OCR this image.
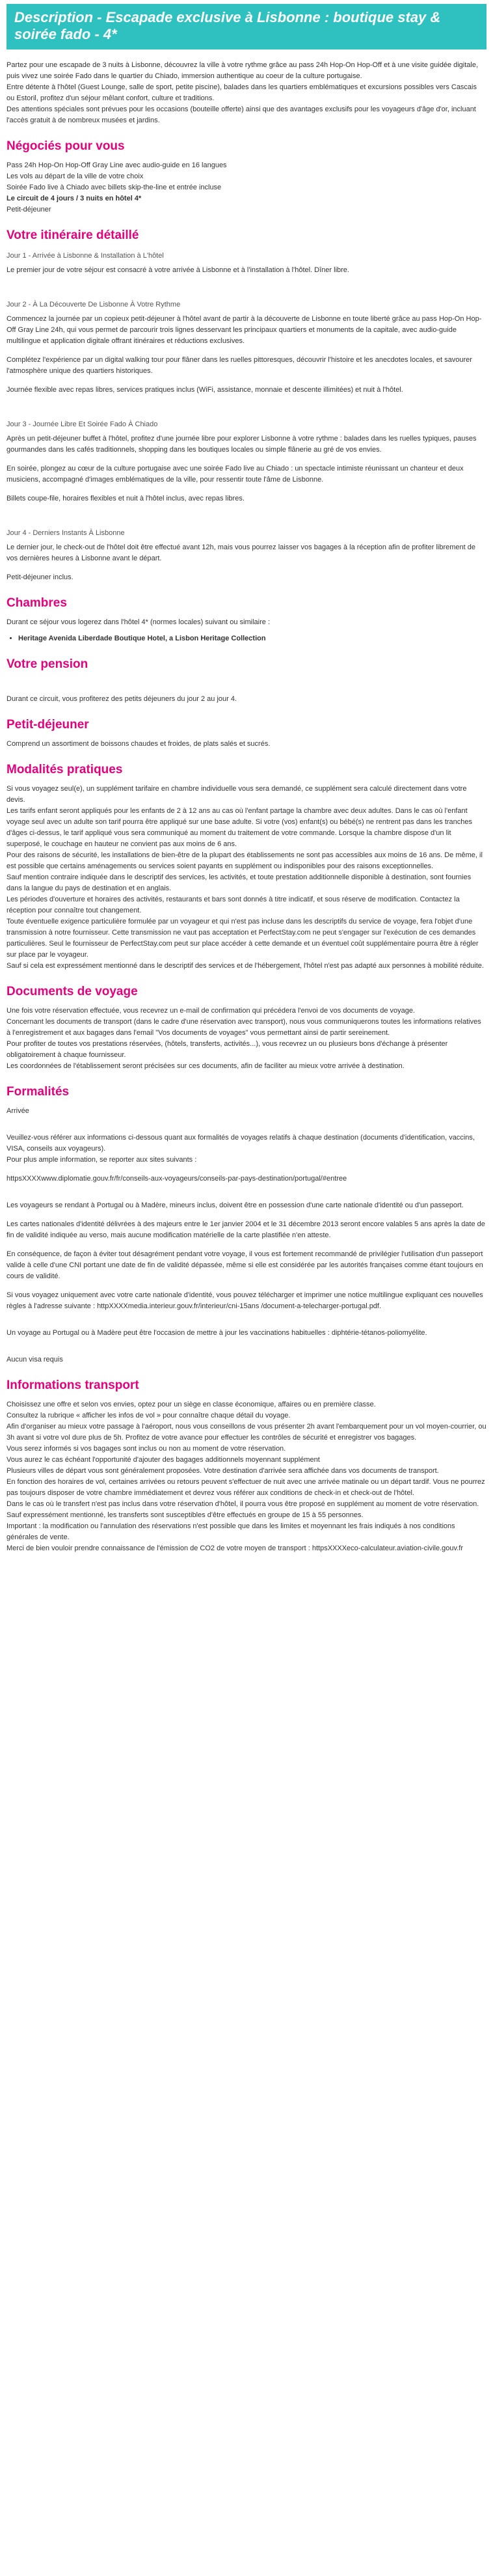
Description - Escapade exclusive à Lisbonne : boutique stay & soirée fado - 4*

Partez pour une escapade de 3 nuits à Lisbonne, découvrez la ville à votre rythme grâce au pass 24h Hop-On Hop-Off et à une visite guidée digitale, puis vivez une soirée Fado dans le quartier du Chiado, immersion authentique au coeur de la culture portugaise.

Entre détente à l'hôtel (Guest Lounge, salle de sport, petite piscine), balades dans les quartiers emblématiques et excursions possibles vers Cascais ou Estoril, profitez d'un séjour mêlant confort, culture et traditions.

Des attentions spéciales sont prévues pour les occasions (bouteille offerte) ainsi que des avantages exclusifs pour les voyageurs d'âge d'or, incluant l'accès gratuit à de nombreux musées et jardins.

Négociés pour vous

Pass 24h Hop-On Hop-Off Gray Line avec audio-guide en 16 langues

Les vols au départ de la ville de votre choix

Soirée Fado live à Chiado avec billets skip-the-line et entrée incluse

Le circuit de 4 jours / 3 nuits en hôtel 4*

Petit-déjeuner

Votre itinéraire détaillé
Jour 1 - Arrivée à Lisbonne & Installation à L'hôtel

Le premier jour de votre séjour est consacré à votre arrivée à Lisbonne et à l'installation à l'hôtel. Dîner libre.

Jour 2 - À La Découverte De Lisbonne À Votre Rythme

Commencez la journée par un copieux petit-déjeuner à l'hôtel avant de partir à la découverte de Lisbonne en toute liberté grâce au pass Hop-On Hop-Off Gray Line 24h, qui vous permet de parcourir trois lignes desservant les principaux quartiers et monuments de la capitale, avec audio-guide multilingue et application digitale offrant itinéraires et réductions exclusives.

Complétez l'expérience par un digital walking tour pour flâner dans les ruelles pittoresques, découvrir l'histoire et les anecdotes locales, et savourer l'atmosphère unique des quartiers historiques.

Journée flexible avec repas libres, services pratiques inclus (WiFi, assistance, monnaie et descente illimitées) et nuit à l'hôtel.

Jour 3 - Journée Libre Et Soirée Fado À Chiado

Après un petit-déjeuner buffet à l'hôtel, profitez d'une journée libre pour explorer Lisbonne à votre rythme : balades dans les ruelles typiques, pauses gourmandes dans les cafés traditionnels, shopping dans les boutiques locales ou simple flânerie au gré de vos envies.

En soirée, plongez au cœur de la culture portugaise avec une soirée Fado live au Chiado : un spectacle intimiste réunissant un chanteur et deux musiciens, accompagné d'images emblématiques de la ville, pour ressentir toute l'âme de Lisbonne.

Billets coupe-file, horaires flexibles et nuit à l'hôtel inclus, avec repas libres.

Jour 4 - Derniers Instants À Lisbonne

Le dernier jour, le check-out de l'hôtel doit être effectué avant 12h, mais vous pourrez laisser vos bagages à la réception afin de profiter librement de vos dernières heures à Lisbonne avant le départ.

Petit-déjeuner inclus.

Chambres

Durant ce séjour vous logerez dans l'hôtel 4* (normes locales) suivant ou similaire :

• Heritage Avenida Liberdade Boutique Hotel, a Lisbon Heritage Collection
Votre pension

Durant ce circuit, vous profiterez des petits déjeuners du jour 2 au jour 4.

Petit-déjeuner

Comprend un assortiment de boissons chaudes et froides, de plats salés et sucrés.

Modalités pratiques

Si vous voyagez seul(e), un supplément tarifaire en chambre individuelle vous sera demandé, ce supplément sera calculé directement dans votre devis.

Les tarifs enfant seront appliqués pour les enfants de 2 à 12 ans au cas où l'enfant partage la chambre avec deux adultes. Dans le cas où l'enfant voyage seul avec un adulte son tarif pourra être appliqué sur une base adulte. Si votre (vos) enfant(s) ou bébé(s) ne rentrent pas dans les tranches d'âges ci-dessus, le tarif appliqué vous sera communiqué au moment du traitement de votre commande. Lorsque la chambre dispose d'un lit superposé, le couchage en hauteur ne convient pas aux moins de 6 ans.

Pour des raisons de sécurité, les installations de bien-être de la plupart des établissements ne sont pas accessibles aux moins de 16 ans. De même, il est possible que certains aménagements ou services soient payants en supplément ou indisponibles pour des raisons exceptionnelles.

Sauf mention contraire indiquée dans le descriptif des services, les activités, et toute prestation additionnelle disponible à destination, sont fournies dans la langue du pays de destination et en anglais.

Les périodes d'ouverture et horaires des activités, restaurants et bars sont donnés à titre indicatif, et sous réserve de modification. Contactez la réception pour connaître tout changement.

Toute éventuelle exigence particulière formulée par un voyageur et qui n'est pas incluse dans les descriptifs du service de voyage, fera l'objet d'une transmission à notre fournisseur. Cette transmission ne vaut pas acceptation et PerfectStay.com ne peut s'engager sur l'exécution de ces demandes particulières. Seul le fournisseur de PerfectStay.com peut sur place accéder à cette demande et un éventuel coût supplémentaire pourra être à régler sur place par le voyageur.

Sauf si cela est expressément mentionné dans le descriptif des services et de l'hébergement, l'hôtel n'est pas adapté aux personnes à mobilité réduite.

Documents de voyage

Une fois votre réservation effectuée, vous recevrez un e-mail de confirmation qui précédera l'envoi de vos documents de voyage.

Concernant les documents de transport (dans le cadre d'une réservation avec transport), nous vous communiquerons toutes les informations relatives à l'enregistrement et aux bagages dans l'email "Vos documents de voyages" vous permettant ainsi de partir sereinement.

Pour profiter de toutes vos prestations réservées, (hôtels, transferts, activités...), vous recevrez un ou plusieurs bons d'échange à présenter obligatoirement à chaque fournisseur.

Les coordonnées de l'établissement seront précisées sur ces documents, afin de faciliter au mieux votre arrivée à destination.

Formalités

Arrivée

Veuillez-vous référer aux informations ci-dessous quant aux formalités de voyages relatifs à chaque destination (documents d'identification, vaccins, VISA, conseils aux voyageurs).

Pour plus ample information, se reporter aux sites suivants :

httpsXXXXwww.diplomatie.gouv.fr/fr/conseils-aux-voyageurs/conseils-par-pays-destination/portugal/#entree

Les voyageurs se rendant à Portugal ou à Madère, mineurs inclus, doivent être en possession d'une carte nationale d'identité ou d'un passeport.

Les cartes nationales d'identité délivrées à des majeurs entre le 1er janvier 2004 et le 31 décembre 2013 seront encore valables 5 ans après la date de fin de validité indiquée au verso, mais aucune modification matérielle de la carte plastifiée n'en atteste.

En conséquence, de façon à éviter tout désagrément pendant votre voyage, il vous est fortement recommandé de privilégier l'utilisation d'un passeport valide à celle d'une CNI portant une date de fin de validité dépassée, même si elle est considérée par les autorités françaises comme étant toujours en cours de validité.

Si vous voyagez uniquement avec votre carte nationale d'identité, vous pouvez télécharger et imprimer une notice multilingue expliquant ces nouvelles règles à l'adresse suivante : httpXXXXmedia.interieur.gouv.fr/interieur/cni-15ans /document-a-telecharger-portugal.pdf.

Un voyage au Portugal ou à Madère peut être l'occasion de mettre à jour les vaccinations habituelles : diphtérie-tétanos-poliomyélite.

Aucun visa requis

Informations transport

Choisissez une offre et selon vos envies, optez pour un siège en classe économique, affaires ou en première classe.

Consultez la rubrique « afficher les infos de vol » pour connaître chaque détail du voyage.

Afin d'organiser au mieux votre passage à l'aéroport, nous vous conseillons de vous présenter 2h avant l'embarquement pour un vol moyen-courrier, ou 3h avant si votre vol dure plus de 5h. Profitez de votre avance pour effectuer les contrôles de sécurité et enregistrer vos bagages.

Vous serez informés si vos bagages sont inclus ou non au moment de votre réservation.

Vous aurez le cas échéant l'opportunité d'ajouter des bagages additionnels moyennant supplément

Plusieurs villes de départ vous sont généralement proposées. Votre destination d'arrivée sera affichée dans vos documents de transport.

En fonction des horaires de vol, certaines arrivées ou retours peuvent s'effectuer de nuit avec une arrivée matinale ou un départ tardif. Vous ne pourrez pas toujours disposer de votre chambre immédiatement et devrez vous référer aux conditions de check-in et check-out de l'hôtel.

Dans le cas où le transfert n'est pas inclus dans votre réservation d'hôtel, il pourra vous être proposé en supplément au moment de votre réservation. Sauf expressément mentionné, les transferts sont susceptibles d'être effectués en groupe de 15 à 55 personnes.

Important : la modification ou l'annulation des réservations n'est possible que dans les limites et moyennant les frais indiqués à nos conditions générales de vente.

Merci de bien vouloir prendre connaissance de l'émission de CO2 de votre moyen de transport : httpsXXXXeco-calculateur.aviation-civile.gouv.fr
